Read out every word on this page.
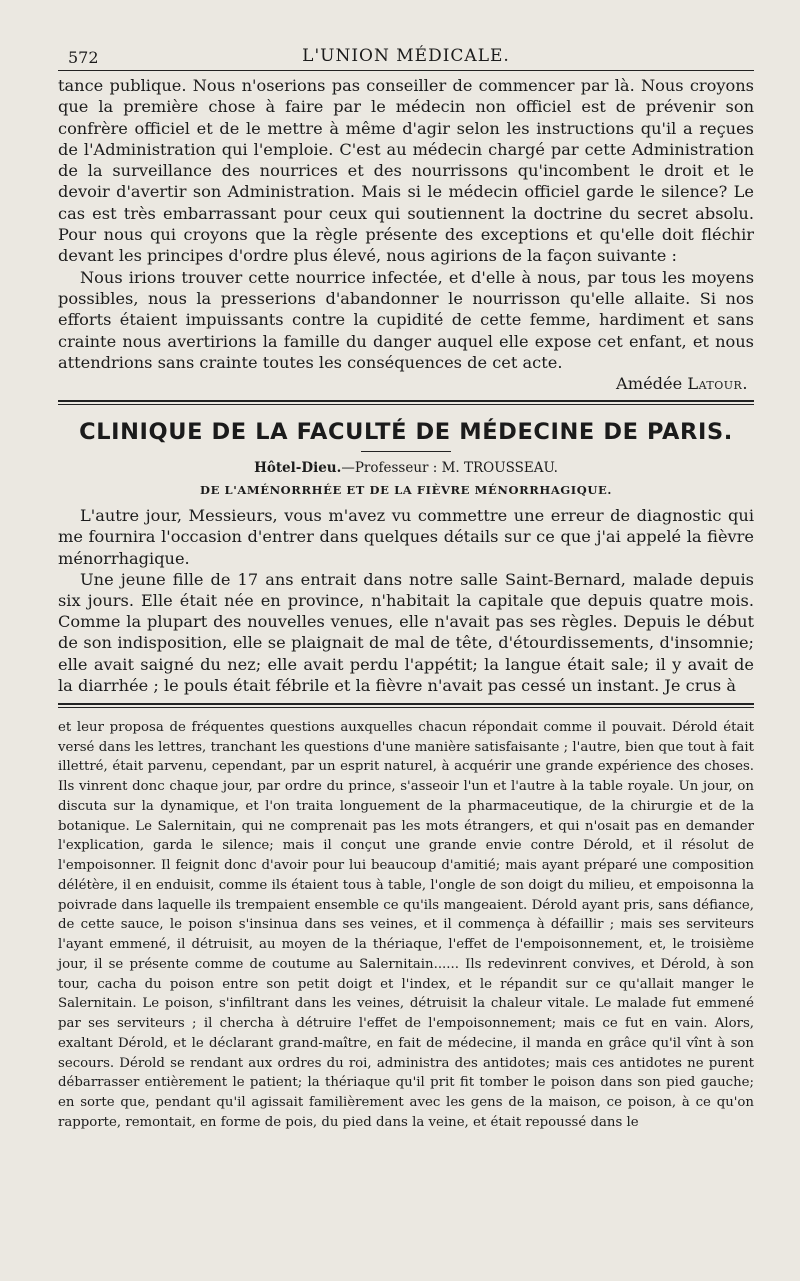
572	L'UNION MÉDICALE.

tance publique. Nous n'oserions pas conseiller de commencer par là. Nous croyons que la première chose à faire par le médecin non officiel est de prévenir son confrère officiel et de le mettre à même d'agir selon les instructions qu'il a reçues de l'Administration qui l'emploie. C'est au médecin chargé par cette Administration de la surveillance des nourrices et des nourrissons qu'incombent le droit et le devoir d'avertir son Administration. Mais si le médecin officiel garde le silence? Le cas est très embarrassant pour ceux qui soutiennent la doctrine du secret absolu. Pour nous qui croyons que la règle présente des exceptions et qu'elle doit fléchir devant les principes d'ordre plus élevé, nous agirions de la façon suivante :

Nous irions trouver cette nourrice infectée, et d'elle à nous, par tous les moyens possibles, nous la presserions d'abandonner le nourrisson qu'elle allaite. Si nos efforts étaient impuissants contre la cupidité de cette femme, hardiment et sans crainte nous avertirions la famille du danger auquel elle expose cet enfant, et nous attendrions sans crainte toutes les conséquences de cet acte.

Amédée Latour.
CLINIQUE DE LA FACULTÉ DE MÉDECINE DE PARIS.
Hôtel-Dieu.—Professeur : M. TROUSSEAU.
DE L'AMÉNORRHÉE ET DE LA FIÈVRE MÉNORRHAGIQUE.

L'autre jour, Messieurs, vous m'avez vu commettre une erreur de diagnostic qui me fournira l'occasion d'entrer dans quelques détails sur ce que j'ai appelé la fièvre ménorrhagique.

Une jeune fille de 17 ans entrait dans notre salle Saint-Bernard, malade depuis six jours. Elle était née en province, n'habitait la capitale que depuis quatre mois. Comme la plupart des nouvelles venues, elle n'avait pas ses règles. Depuis le début de son indisposition, elle se plaignait de mal de tête, d'étourdissements, d'insomnie; elle avait saigné du nez; elle avait perdu l'appétit; la langue était sale; il y avait de la diarrhée ; le pouls était fébrile et la fièvre n'avait pas cessé un instant. Je crus à

et leur proposa de fréquentes questions auxquelles chacun répondait comme il pouvait. Dérold était versé dans les lettres, tranchant les questions d'une manière satisfaisante ; l'autre, bien que tout à fait illettré, était parvenu, cependant, par un esprit naturel, à acquérir une grande expérience des choses. Ils vinrent donc chaque jour, par ordre du prince, s'asseoir l'un et l'autre à la table royale. Un jour, on discuta sur la dynamique, et l'on traita longuement de la pharmaceutique, de la chirurgie et de la botanique. Le Salernitain, qui ne comprenait pas les mots étrangers, et qui n'osait pas en demander l'explication, garda le silence; mais il conçut une grande envie contre Dérold, et il résolut de l'empoisonner. Il feignit donc d'avoir pour lui beaucoup d'amitié; mais ayant préparé une composition délétère, il en enduisit, comme ils étaient tous à table, l'ongle de son doigt du milieu, et empoisonna la poivrade dans laquelle ils trempaient ensemble ce qu'ils mangeaient. Dérold ayant pris, sans défiance, de cette sauce, le poison s'insinua dans ses veines, et il commença à défaillir ; mais ses serviteurs l'ayant emmené, il détruisit, au moyen de la thériaque, l'effet de l'empoisonnement, et, le troisième jour, il se présente comme de coutume au Salernitain...... Ils redevinrent convives, et Dérold, à son tour, cacha du poison entre son petit doigt et l'index, et le répandit sur ce qu'allait manger le Salernitain. Le poison, s'infiltrant dans les veines, détruisit la chaleur vitale. Le malade fut emmené par ses serviteurs ; il chercha à détruire l'effet de l'empoisonnement; mais ce fut en vain. Alors, exaltant Dérold, et le déclarant grand-maître, en fait de médecine, il manda en grâce qu'il vînt à son secours. Dérold se rendant aux ordres du roi, administra des antidotes; mais ces antidotes ne purent débarrasser entièrement le patient; la thériaque qu'il prit fit tomber le poison dans son pied gauche; en sorte que, pendant qu'il agissait familièrement avec les gens de la maison, ce poison, à ce qu'on rapporte, remontait, en forme de pois, du pied dans la veine, et était repoussé dans le
